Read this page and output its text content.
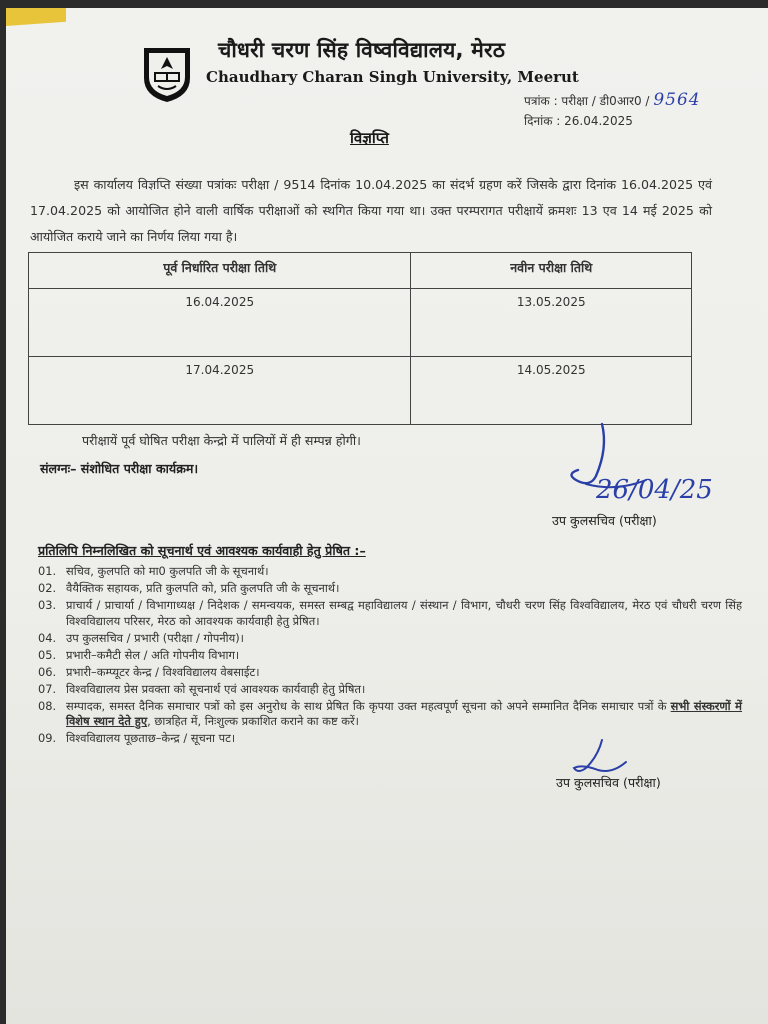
चौधरी चरण सिंह विष्वविद्यालय, मेरठ
Chaudhary Charan Singh University, Meerut
पत्रांक : परीक्षा / डी0आर0 / 9564
दिनांक : 26.04.2025
विज्ञप्ति
इस कार्यालय विज्ञप्ति संख्या पत्रांकः परीक्षा / 9514 दिनांक 10.04.2025 का संदर्भ ग्रहण करें जिसके द्वारा दिनांक 16.04.2025 एवं 17.04.2025 को आयोजित होने वाली वार्षिक परीक्षाओं को स्थगित किया गया था। उक्त परम्परागत परीक्षायें क्रमशः 13 एव 14 मई 2025 को आयोजित कराये जाने का निर्णय लिया गया है।
पूर्व निर्धारित परीक्षा तिथि	नवीन परीक्षा तिथि
16.04.2025	13.05.2025
17.04.2025	14.05.2025
परीक्षायें पूर्व घोषित परीक्षा केन्द्रो में पालियों में ही सम्पन्न होगी।
संलग्नः– संशोधित परीक्षा कार्यक्रम।
26/04/25
उप कुलसचिव (परीक्षा)
प्रतिलिपि निम्नलिखित को सूचनार्थ एवं आवश्यक कार्यवाही हेतु प्रेषित :–
01. सचिव, कुलपति को मा0 कुलपति जी के सूचनार्थ।
02. वैयैक्तिक सहायक, प्रति कुलपति को, प्रति कुलपति जी के सूचनार्थ।
03. प्राचार्य / प्राचार्या / विभागाध्यक्ष / निदेशक / समन्वयक, समस्त सम्बद्व महाविद्यालय / संस्थान / विभाग, चौधरी चरण सिंह विश्वविद्यालय, मेरठ एवं चौधरी चरण सिंह विश्वविद्यालय परिसर, मेरठ को आवश्यक कार्यवाही हेतु प्रेषित।
04. उप कुलसचिव / प्रभारी (परीक्षा / गोपनीय)।
05. प्रभारी–कमैटी सेल / अति गोपनीय विभाग।
06. प्रभारी–कम्प्यूटर केन्द्र / विश्वविद्यालय वेबसाईट।
07. विश्वविद्यालय प्रेस प्रवक्ता को सूचनार्थ एवं आवश्यक कार्यवाही हेतु प्रेषित।
08. सम्पादक, समस्त दैनिक समाचार पत्रों को इस अनुरोध के साथ प्रेषित कि कृपया उक्त महत्वपूर्ण सूचना को अपने सम्मानित दैनिक समाचार पत्रों के सभी संस्करणों में विशेष स्थान देते हुए, छात्रहित में, निःशुल्क प्रकाशित कराने का कष्ट करें।
09. विश्वविद्यालय पूछताछ–केन्द्र / सूचना पट।
उप कुलसचिव (परीक्षा)
